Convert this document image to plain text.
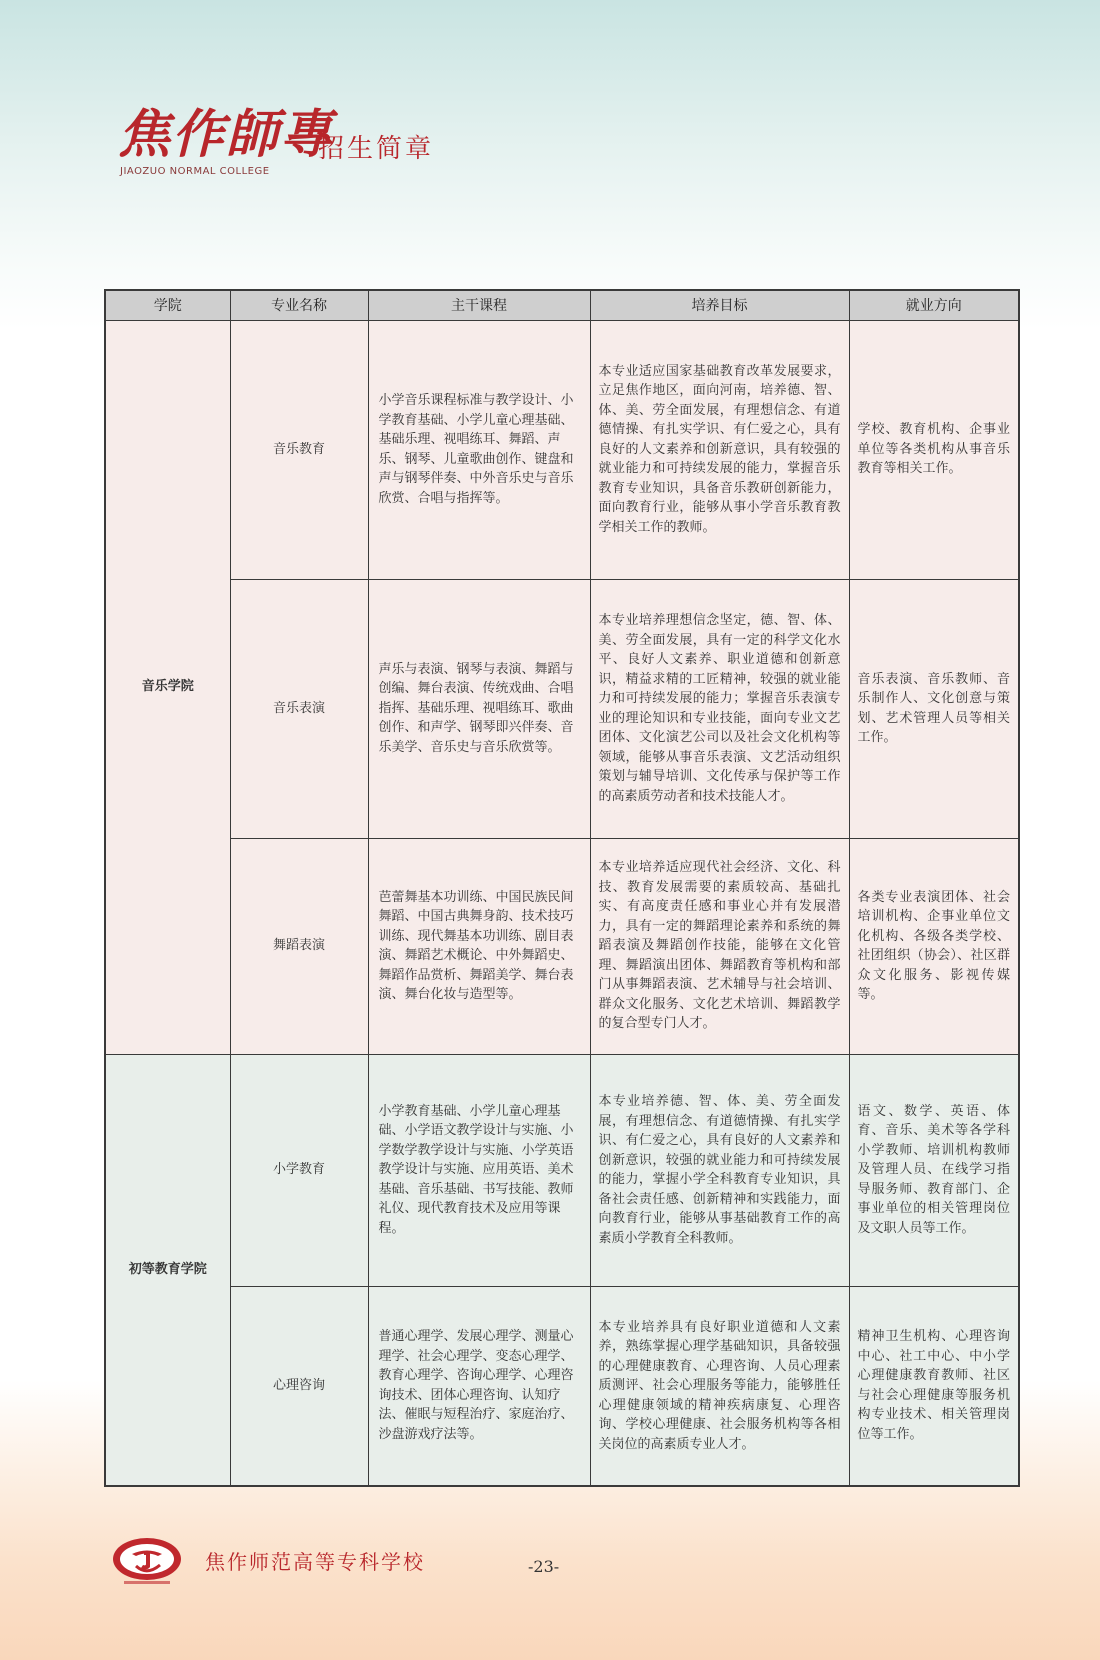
焦作師專
JIAOZUO NORMAL COLLEGE
招生简章
学院	专业名称	主干课程	培养目标	就业方向
音乐学院	音乐教育	小学音乐课程标准与教学设计、小学教育基础、小学儿童心理基础、基础乐理、视唱练耳、舞蹈、声乐、钢琴、儿童歌曲创作、键盘和声与钢琴伴奏、中外音乐史与音乐欣赏、合唱与指挥等。	本专业适应国家基础教育改革发展要求，立足焦作地区，面向河南，培养德、智、体、美、劳全面发展，有理想信念、有道德情操、有扎实学识、有仁爱之心，具有良好的人文素养和创新意识，具有较强的就业能力和可持续发展的能力，掌握音乐教育专业知识，具备音乐教研创新能力，面向教育行业，能够从事小学音乐教育教学相关工作的教师。	学校、教育机构、企事业单位等各类机构从事音乐教育等相关工作。
	音乐表演	声乐与表演、钢琴与表演、舞蹈与创编、舞台表演、传统戏曲、合唱指挥、基础乐理、视唱练耳、歌曲创作、和声学、钢琴即兴伴奏、音乐美学、音乐史与音乐欣赏等。	本专业培养理想信念坚定，德、智、体、美、劳全面发展，具有一定的科学文化水平、良好人文素养、职业道德和创新意识，精益求精的工匠精神，较强的就业能力和可持续发展的能力；掌握音乐表演专业的理论知识和专业技能，面向专业文艺团体、文化演艺公司以及社会文化机构等领域，能够从事音乐表演、文艺活动组织策划与辅导培训、文化传承与保护等工作的高素质劳动者和技术技能人才。	音乐表演、音乐教师、音乐制作人、文化创意与策划、艺术管理人员等相关工作。
	舞蹈表演	芭蕾舞基本功训练、中国民族民间舞蹈、中国古典舞身韵、技术技巧训练、现代舞基本功训练、剧目表演、舞蹈艺术概论、中外舞蹈史、舞蹈作品赏析、舞蹈美学、舞台表演、舞台化妆与造型等。	本专业培养适应现代社会经济、文化、科技、教育发展需要的素质较高、基础扎实、有高度责任感和事业心并有发展潜力，具有一定的舞蹈理论素养和系统的舞蹈表演及舞蹈创作技能，能够在文化管理、舞蹈演出团体、舞蹈教育等机构和部门从事舞蹈表演、艺术辅导与社会培训、群众文化服务、文化艺术培训、舞蹈教学的复合型专门人才。	各类专业表演团体、社会培训机构、企事业单位文化机构、各级各类学校、社团组织（协会）、社区群众文化服务、影视传媒等。
初等教育学院	小学教育	小学教育基础、小学儿童心理基础、小学语文教学设计与实施、小学数学教学设计与实施、小学英语教学设计与实施、应用英语、美术基础、音乐基础、书写技能、教师礼仪、现代教育技术及应用等课程。	本专业培养德、智、体、美、劳全面发展，有理想信念、有道德情操、有扎实学识、有仁爱之心，具有良好的人文素养和创新意识，较强的就业能力和可持续发展的能力，掌握小学全科教育专业知识，具备社会责任感、创新精神和实践能力，面向教育行业，能够从事基础教育工作的高素质小学教育全科教师。	语文、数学、英语、体育、音乐、美术等各学科小学教师、培训机构教师及管理人员、在线学习指导服务师、教育部门、企事业单位的相关管理岗位及文职人员等工作。
	心理咨询	普通心理学、发展心理学、测量心理学、社会心理学、变态心理学、教育心理学、咨询心理学、心理咨询技术、团体心理咨询、认知疗法、催眠与短程治疗、家庭治疗、沙盘游戏疗法等。	本专业培养具有良好职业道德和人文素养，熟练掌握心理学基础知识，具备较强的心理健康教育、心理咨询、人员心理素质测评、社会心理服务等能力，能够胜任心理健康领域的精神疾病康复、心理咨询、学校心理健康、社会服务机构等各相关岗位的高素质专业人才。	精神卫生机构、心理咨询中心、社工中心、中小学心理健康教育教师、社区与社会心理健康等服务机构专业技术、相关管理岗位等工作。
焦作师范高等专科学校	-23-
